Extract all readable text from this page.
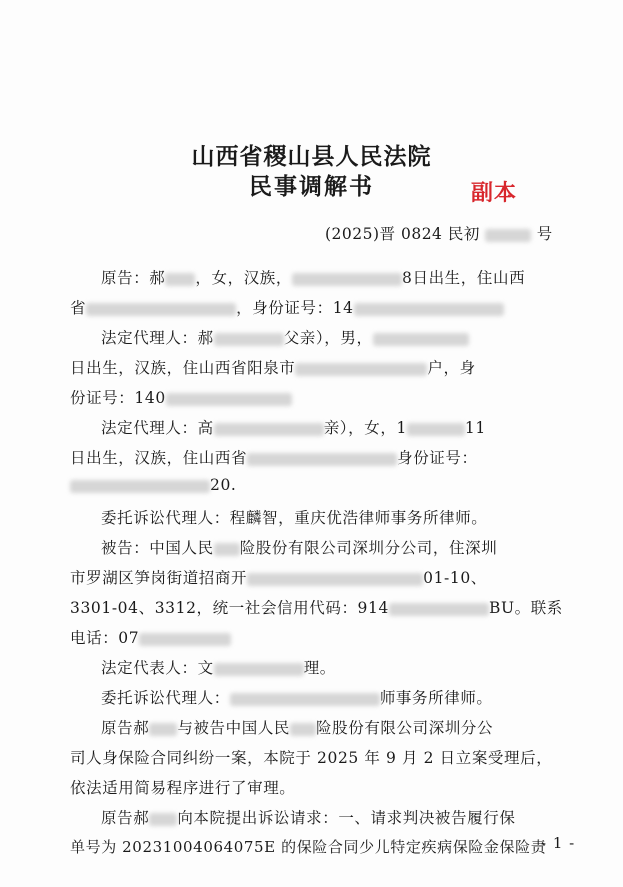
山西省稷山县人民法院
民事调解书	副本
(2025)晋 0824 民初	号
原告：郝 ，女，汉族，	8日出生，住山西
省	，身份证号：14
法定代理人：郝	父亲），男，
日出生，汉族，住山西省阳泉市	户，身
份证号：140
法定代理人：高	亲），女，1	11
日出生，汉族，住山西省	身份证号：
20.
委托诉讼代理人：程麟智，重庆优浩律师事务所律师。
被告：中国人民 险股份有限公司深圳分公司，住深圳
市罗湖区笋岗街道招商开	01-10、
3301-04、3312，统一社会信用代码：914	BU。联系
电话：07
法定代表人：文	理。
委托诉讼代理人：	师事务所律师。
原告郝 与被告中国人民 险股份有限公司深圳分公
司人身保险合同纠纷一案，本院于 2025 年 9 月 2 日立案受理后，
依法适用简易程序进行了审理。
原告郝 向本院提出诉讼请求：一、请求判决被告履行保
单号为 20231004064075E 的保险合同少儿特定疾病保险金保险责
- 1 -
